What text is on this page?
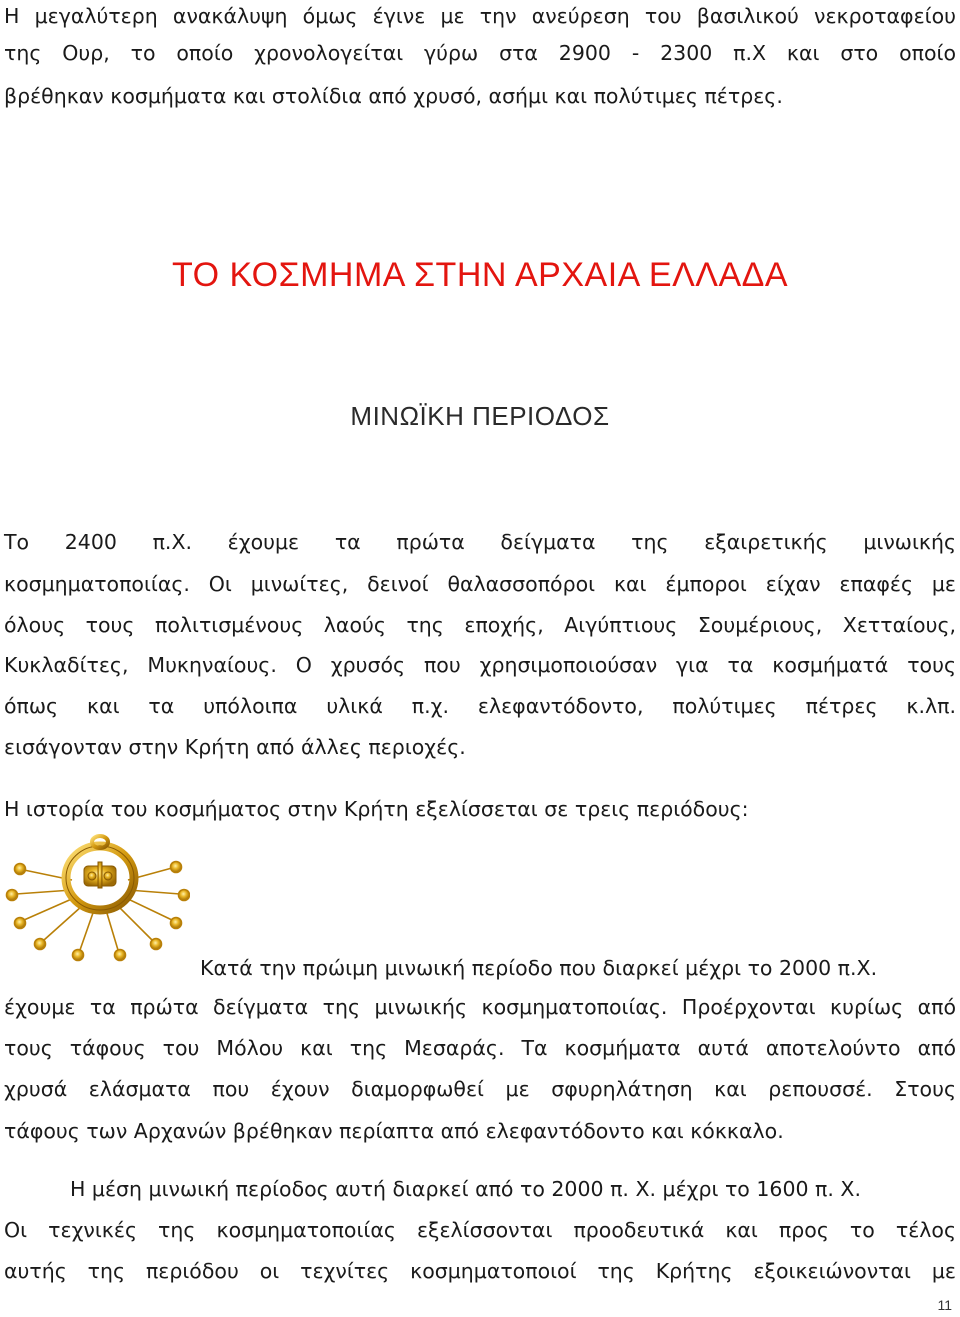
Η μεγαλύτερη ανακάλυψη όμως έγινε με την ανεύρεση του βασιλικού νεκροταφείου
της Ουρ, το οποίο χρονολογείται γύρω στα 2900 - 2300 π.Χ και στο οποίο
βρέθηκαν κοσμήματα και στολίδια από χρυσό, ασήμι και πολύτιμες πέτρες.
ΤΟ ΚΟΣΜΗΜΑ ΣΤΗΝ ΑΡΧΑΙΑ ΕΛΛΑΔΑ
ΜΙΝΩΪΚΗ ΠΕΡΙΟΔΟΣ
Το 2400 π.Χ. έχουμε τα πρώτα δείγματα της εξαιρετικής μινωικής
κοσμηματοποιίας. Οι μινωίτες, δεινοί θαλασσοπόροι και έμποροι είχαν επαφές με
όλους τους πολιτισμένους λαούς της εποχής, Αιγύπτιους Σουμέριους, Χετταίους,
Κυκλαδίτες, Μυκηναίους. Ο χρυσός που χρησιμοποιούσαν για τα κοσμήματά τους
όπως και τα υπόλοιπα υλικά π.χ. ελεφαντόδοντο, πολύτιμες πέτρες κ.λπ.
εισάγονταν στην Κρήτη από άλλες περιοχές.
Η ιστορία του κοσμήματος στην Κρήτη εξελίσσεται σε τρεις περιόδους:
Κατά την πρώιμη μινωική περίοδο που διαρκεί μέχρι το 2000 π.Χ.
έχουμε τα πρώτα δείγματα της μινωικής κοσμηματοποιίας. Προέρχονται κυρίως από
τους τάφους του Μόλου και της Μεσαράς. Τα κοσμήματα αυτά αποτελούντο από
χρυσά ελάσματα που έχουν διαμορφωθεί με σφυρηλάτηση και ρεπουσσέ. Στους
τάφους των Αρχανών βρέθηκαν περίαπτα από ελεφαντόδοντο και κόκκαλο.
Η μέση μινωική περίοδος αυτή διαρκεί από το 2000 π. Χ. μέχρι το 1600 π. Χ.
Οι τεχνικές της κοσμηματοποιίας εξελίσσονται προοδευτικά και προς το τέλος
αυτής της περιόδου οι τεχνίτες κοσμηματοποιοί της Κρήτης εξοικειώνονται με
11
